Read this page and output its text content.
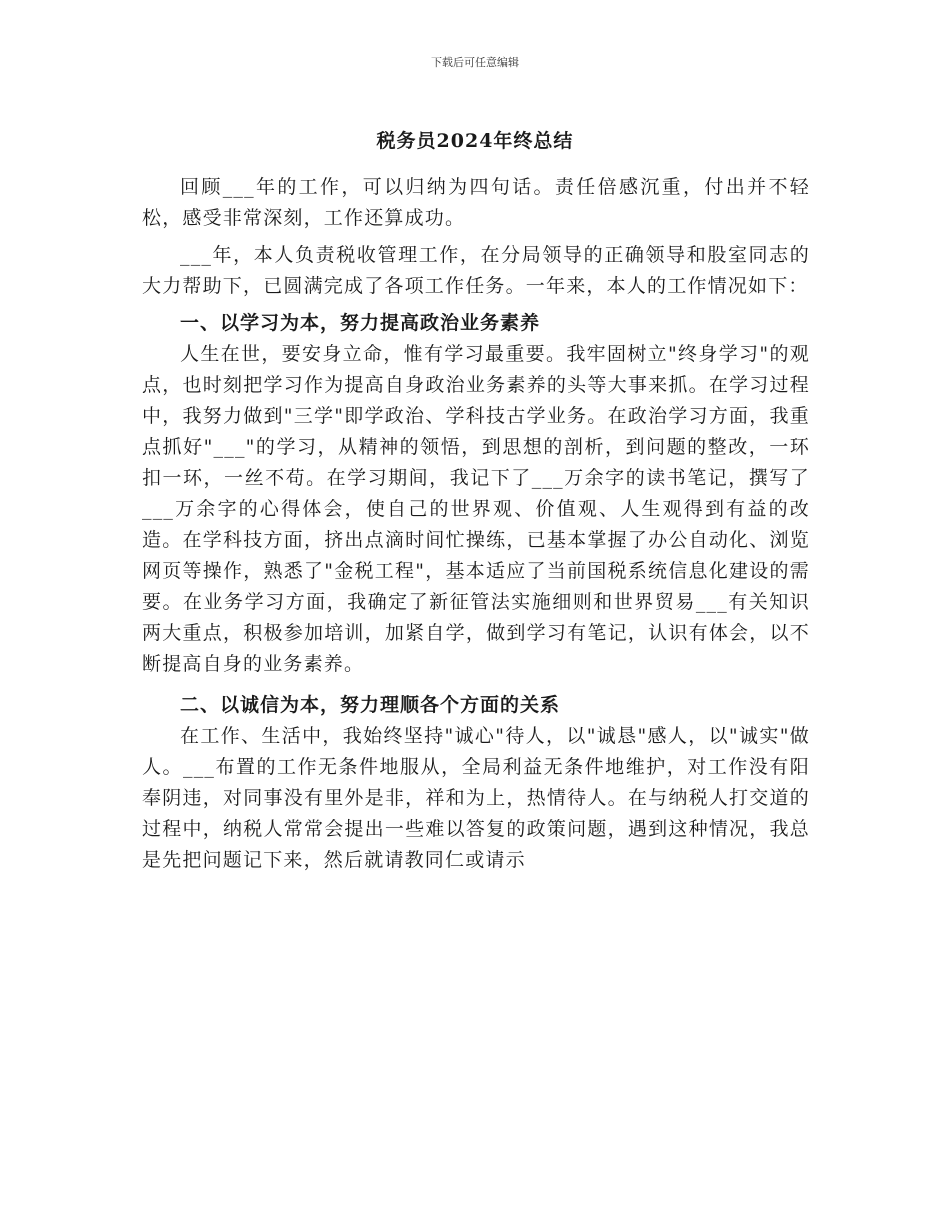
下载后可任意编辑
税务员2024年终总结

回顾___年的工作，可以归纳为四句话。责任倍感沉重，付出并不轻松，感受非常深刻，工作还算成功。

___年，本人负责税收管理工作，在分局领导的正确领导和股室同志的大力帮助下，已圆满完成了各项工作任务。一年来，本人的工作情况如下：

一、以学习为本，努力提高政治业务素养

人生在世，要安身立命，惟有学习最重要。我牢固树立"终身学习"的观点，也时刻把学习作为提高自身政治业务素养的头等大事来抓。在学习过程中，我努力做到"三学"即学政治、学科技古学业务。在政治学习方面，我重点抓好"___"的学习，从精神的领悟，到思想的剖析，到问题的整改，一环扣一环，一丝不苟。在学习期间，我记下了___万余字的读书笔记，撰写了___万余字的心得体会，使自己的世界观、价值观、人生观得到有益的改造。在学科技方面，挤出点滴时间忙操练，已基本掌握了办公自动化、浏览网页等操作，熟悉了"金税工程"，基本适应了当前国税系统信息化建设的需要。在业务学习方面，我确定了新征管法实施细则和世界贸易___有关知识两大重点，积极参加培训，加紧自学，做到学习有笔记，认识有体会，以不断提高自身的业务素养。

二、以诚信为本，努力理顺各个方面的关系

在工作、生活中，我始终坚持"诚心"待人，以"诚恳"感人，以"诚实"做人。___布置的工作无条件地服从，全局利益无条件地维护，对工作没有阳奉阴违，对同事没有里外是非，祥和为上，热情待人。在与纳税人打交道的过程中，纳税人常常会提出一些难以答复的政策问题，遇到这种情况，我总是先把问题记下来，然后就请教同仁或请示
